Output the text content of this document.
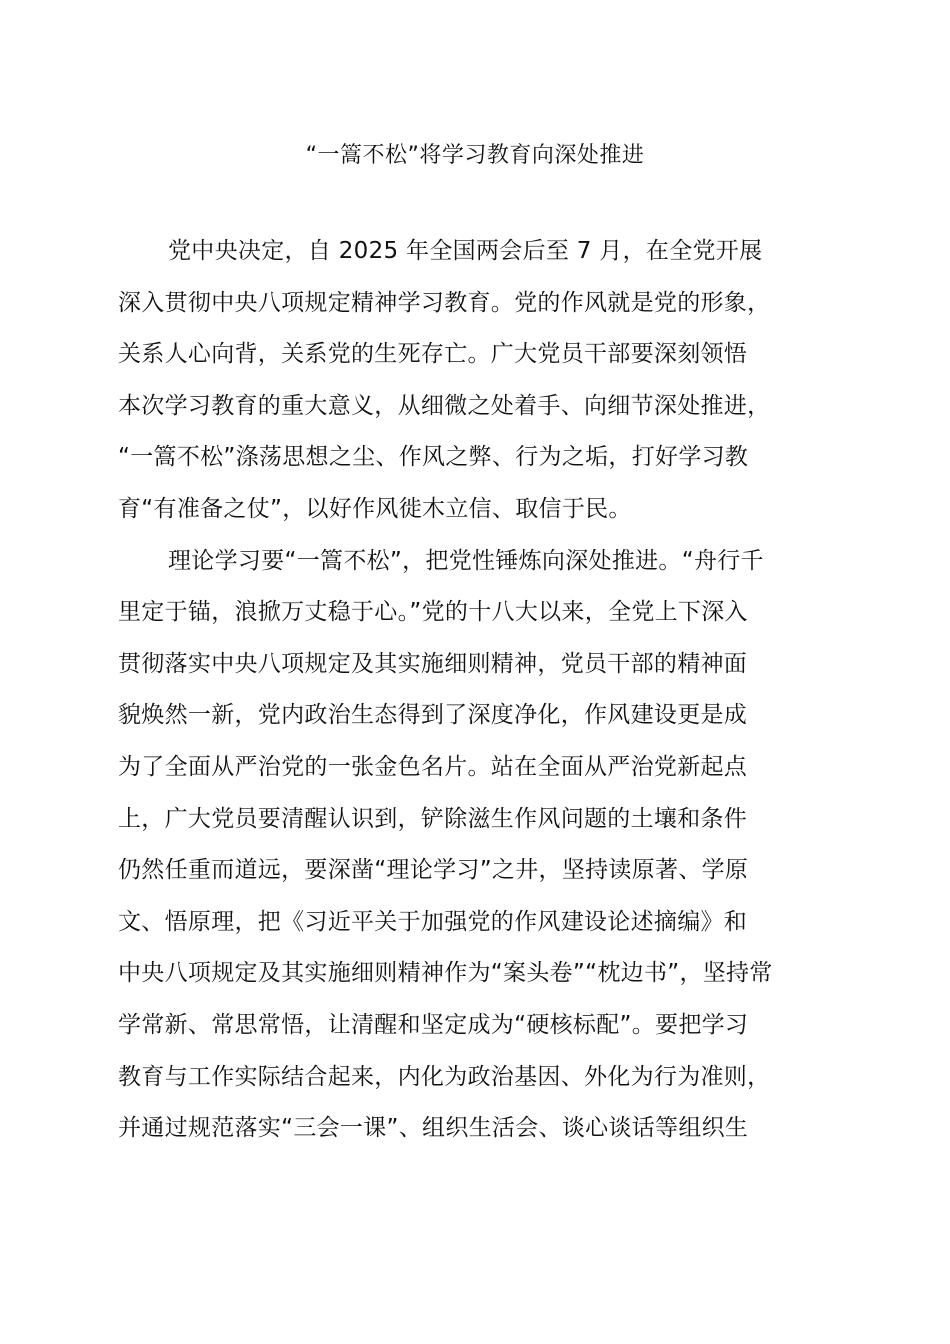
“一篙不松”将学习教育向深处推进
党中央决定，自 2025 年全国两会后至 7 月，在全党开展
深入贯彻中央八项规定精神学习教育。党的作风就是党的形象，
关系人心向背，关系党的生死存亡。广大党员干部要深刻领悟
本次学习教育的重大意义，从细微之处着手、向细节深处推进，
“一篙不松”涤荡思想之尘、作风之弊、行为之垢，打好学习教
育“有准备之仗”，以好作风徙木立信、取信于民。
理论学习要“一篙不松”，把党性锤炼向深处推进。“舟行千
里定于锚，浪掀万丈稳于心。”党的十八大以来，全党上下深入
贯彻落实中央八项规定及其实施细则精神，党员干部的精神面
貌焕然一新，党内政治生态得到了深度净化，作风建设更是成
为了全面从严治党的一张金色名片。站在全面从严治党新起点
上，广大党员要清醒认识到，铲除滋生作风问题的土壤和条件
仍然任重而道远，要深凿“理论学习”之井，坚持读原著、学原
文、悟原理，把《习近平关于加强党的作风建设论述摘编》和
中央八项规定及其实施细则精神作为“案头卷”“枕边书”，坚持常
学常新、常思常悟，让清醒和坚定成为“硬核标配”。要把学习
教育与工作实际结合起来，内化为政治基因、外化为行为准则，
并通过规范落实“三会一课”、组织生活会、谈心谈话等组织生
